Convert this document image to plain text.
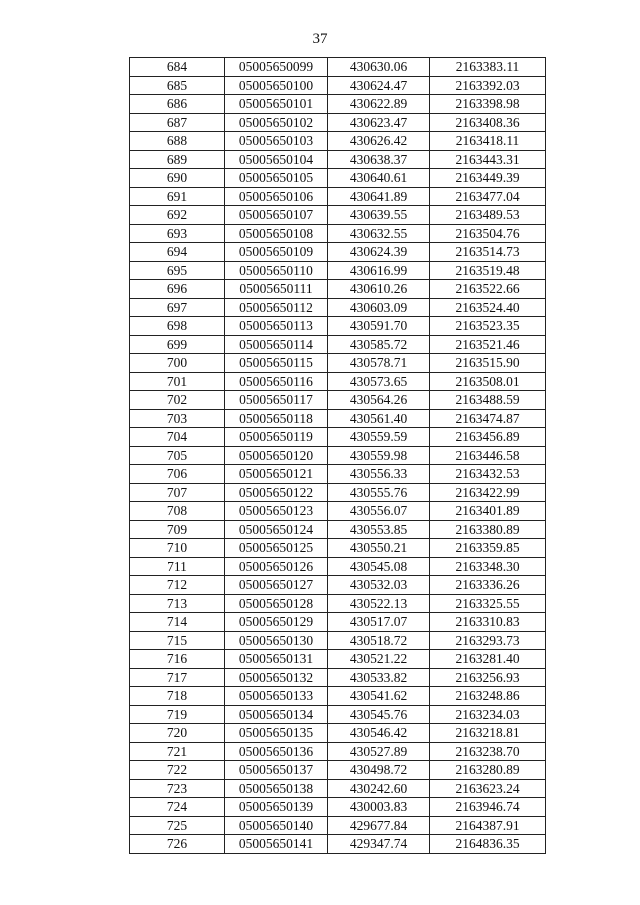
37
684	05005650099	430630.06	2163383.11
685	05005650100	430624.47	2163392.03
686	05005650101	430622.89	2163398.98
687	05005650102	430623.47	2163408.36
688	05005650103	430626.42	2163418.11
689	05005650104	430638.37	2163443.31
690	05005650105	430640.61	2163449.39
691	05005650106	430641.89	2163477.04
692	05005650107	430639.55	2163489.53
693	05005650108	430632.55	2163504.76
694	05005650109	430624.39	2163514.73
695	05005650110	430616.99	2163519.48
696	05005650111	430610.26	2163522.66
697	05005650112	430603.09	2163524.40
698	05005650113	430591.70	2163523.35
699	05005650114	430585.72	2163521.46
700	05005650115	430578.71	2163515.90
701	05005650116	430573.65	2163508.01
702	05005650117	430564.26	2163488.59
703	05005650118	430561.40	2163474.87
704	05005650119	430559.59	2163456.89
705	05005650120	430559.98	2163446.58
706	05005650121	430556.33	2163432.53
707	05005650122	430555.76	2163422.99
708	05005650123	430556.07	2163401.89
709	05005650124	430553.85	2163380.89
710	05005650125	430550.21	2163359.85
711	05005650126	430545.08	2163348.30
712	05005650127	430532.03	2163336.26
713	05005650128	430522.13	2163325.55
714	05005650129	430517.07	2163310.83
715	05005650130	430518.72	2163293.73
716	05005650131	430521.22	2163281.40
717	05005650132	430533.82	2163256.93
718	05005650133	430541.62	2163248.86
719	05005650134	430545.76	2163234.03
720	05005650135	430546.42	2163218.81
721	05005650136	430527.89	2163238.70
722	05005650137	430498.72	2163280.89
723	05005650138	430242.60	2163623.24
724	05005650139	430003.83	2163946.74
725	05005650140	429677.84	2164387.91
726	05005650141	429347.74	2164836.35
